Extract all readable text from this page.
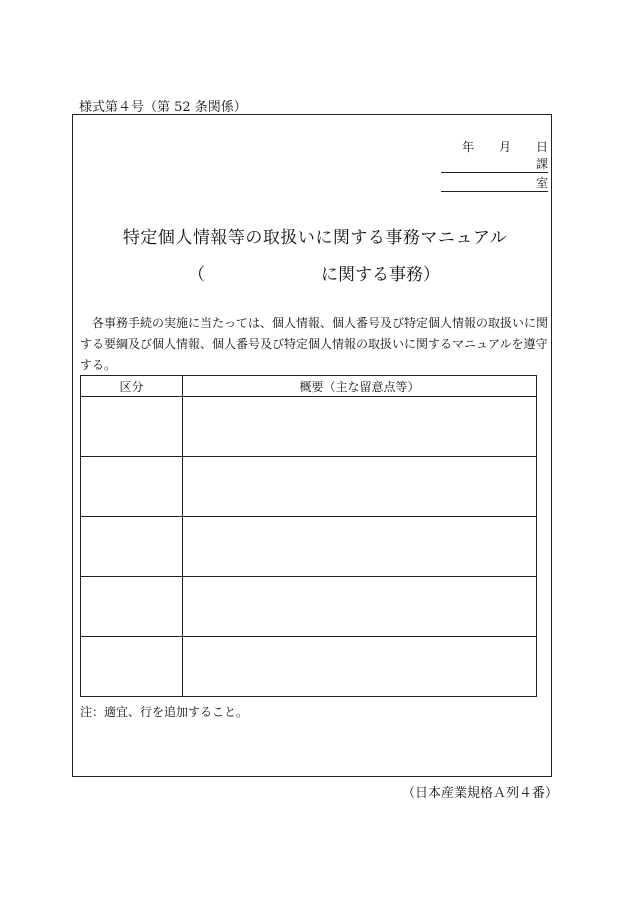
様式第４号（第 52 条関係）
年 月 日
課
室
特定個人情報等の取扱いに関する事務マニュアル
（	に関する事務）
各事務手続の実施に当たっては、個人情報、個人番号及び特定個人情報の取扱いに関する要綱及び個人情報、個人番号及び特定個人情報の取扱いに関するマニュアルを遵守する。
区分	概要（主な留意点等）

注：適宜、行を追加すること。
（日本産業規格Ａ列４番）
